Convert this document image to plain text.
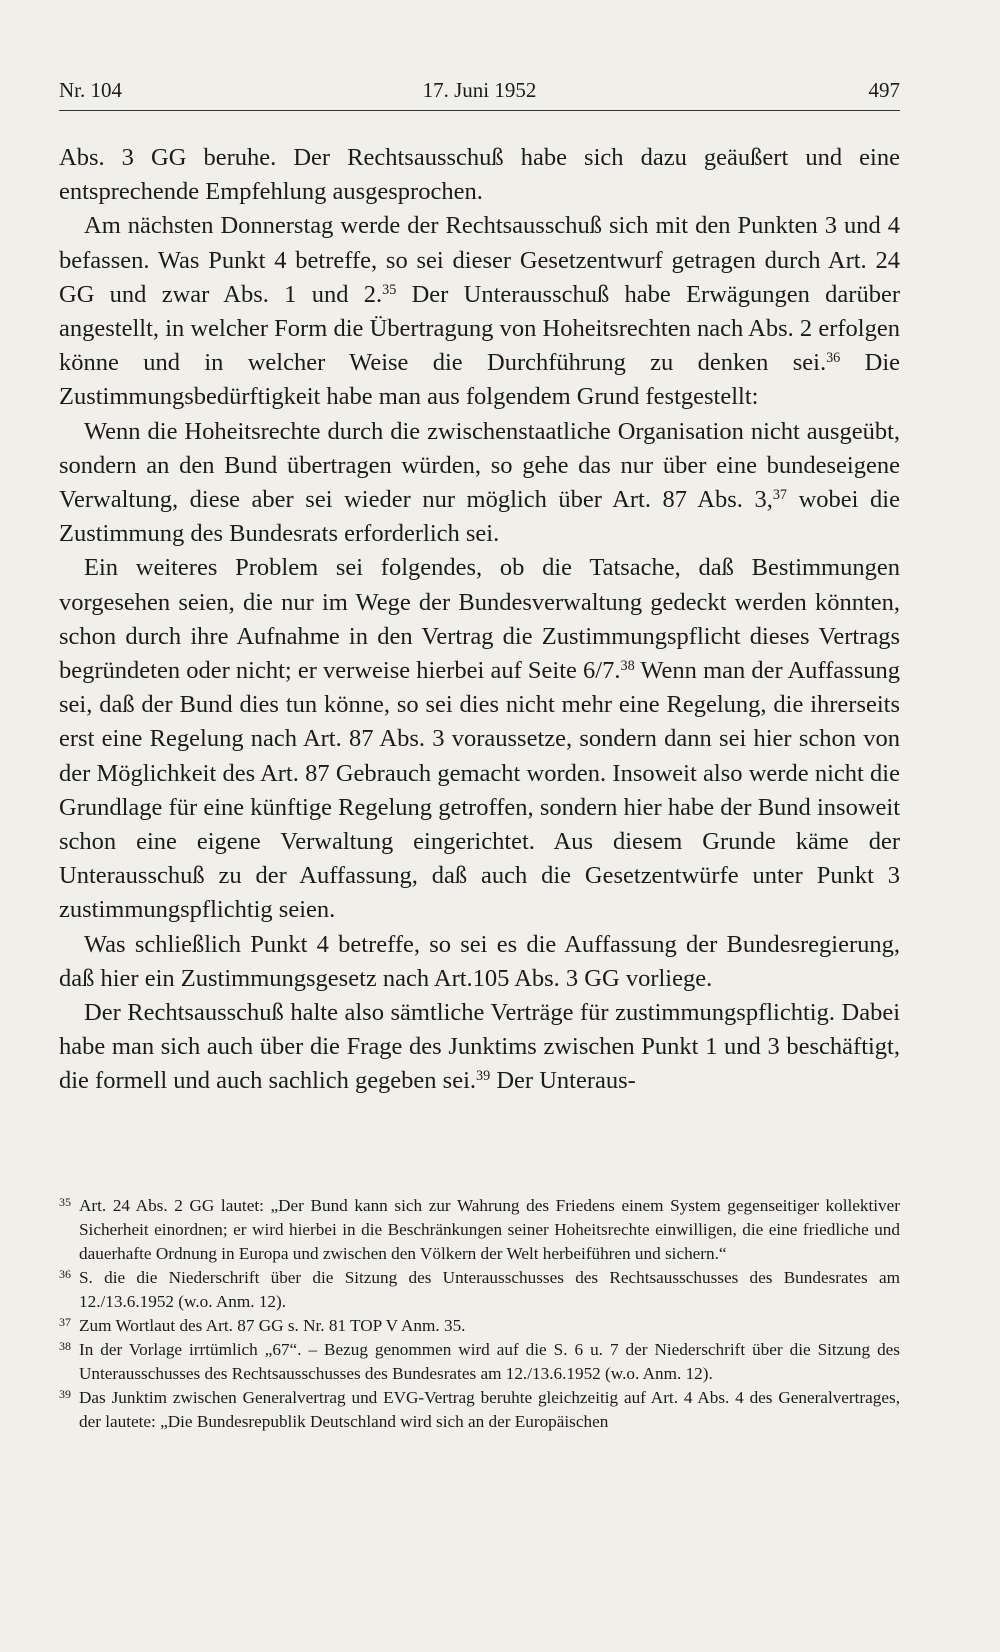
Nr. 104	17. Juni 1952	497

Abs. 3 GG beruhe. Der Rechtsausschuß habe sich dazu geäußert und eine entsprechende Empfehlung ausgesprochen.

Am nächsten Donnerstag werde der Rechtsausschuß sich mit den Punkten 3 und 4 befassen. Was Punkt 4 betreffe, so sei dieser Gesetzentwurf getragen durch Art. 24 GG und zwar Abs. 1 und 2.35 Der Unterausschuß habe Erwägungen darüber angestellt, in welcher Form die Übertragung von Hoheitsrechten nach Abs. 2 erfolgen könne und in welcher Weise die Durchführung zu denken sei.$^{36}$ Die Zustimmungsbedürftigkeit habe man aus folgendem Grund festgestellt:

Wenn die Hoheitsrechte durch die zwischenstaatliche Organisation nicht ausgeübt, sondern an den Bund übertragen würden, so gehe das nur über eine bundeseigene Verwaltung, diese aber sei wieder nur möglich über Art. 87 Abs. 3,37 wobei die Zustimmung des Bundesrats erforderlich sei.

Ein weiteres Problem sei folgendes, ob die Tatsache, daß Bestimmungen vorgesehen seien, die nur im Wege der Bundesverwaltung gedeckt werden könnten, schon durch ihre Aufnahme in den Vertrag die Zustimmungspflicht dieses Vertrags begründeten oder nicht; er verweise hierbei auf Seite 6/7.38 Wenn man der Auffassung sei, daß der Bund dies tun könne, so sei dies nicht mehr eine Regelung, die ihrerseits erst eine Regelung nach Art. 87 Abs. 3 voraussetze, sondern dann sei hier schon von der Möglichkeit des Art. 87 Gebrauch gemacht worden. Insoweit also werde nicht die Grundlage für eine künftige Regelung getroffen, sondern hier habe der Bund insoweit schon eine eigene Verwaltung eingerichtet. Aus diesem Grunde käme der Unterausschuß zu der Auffassung, daß auch die Gesetzentwürfe unter Punkt 3 zustimmungspflichtig seien.

Was schließlich Punkt 4 betreffe, so sei es die Auffassung der Bundesregierung, daß hier ein Zustimmungsgesetz nach Art.105 Abs. 3 GG vorliege.

Der Rechtsausschuß halte also sämtliche Verträge für zustimmungspflichtig. Dabei habe man sich auch über die Frage des Junktims zwischen Punkt 1 und 3 beschäftigt, die formell und auch sachlich gegeben sei.$^{39}$ Der Unteraus-

35 Art. 24 Abs. 2 GG lautet: „Der Bund kann sich zur Wahrung des Friedens einem System gegenseitiger kollektiver Sicherheit einordnen; er wird hierbei in die Beschränkungen seiner Hoheitsrechte einwilligen, die eine friedliche und dauerhafte Ordnung in Europa und zwischen den Völkern der Welt herbeiführen und sichern.“
36 S. die die Niederschrift über die Sitzung des Unterausschusses des Rechtsausschusses des Bundesrates am 12./13.6.1952 (w.o. Anm. 12).
37 Zum Wortlaut des Art. 87 GG s. Nr. 81 TOP V Anm. 35.
38 In der Vorlage irrtümlich „67“. – Bezug genommen wird auf die S. 6 u. 7 der Niederschrift über die Sitzung des Unterausschusses des Rechtsausschusses des Bundesrates am 12./13.6.1952 (w.o. Anm. 12).
39 Das Junktim zwischen Generalvertrag und EVG-Vertrag beruhte gleichzeitig auf Art. 4 Abs. 4 des Generalvertrages, der lautete: „Die Bundesrepublik Deutschland wird sich an der Europäischen
